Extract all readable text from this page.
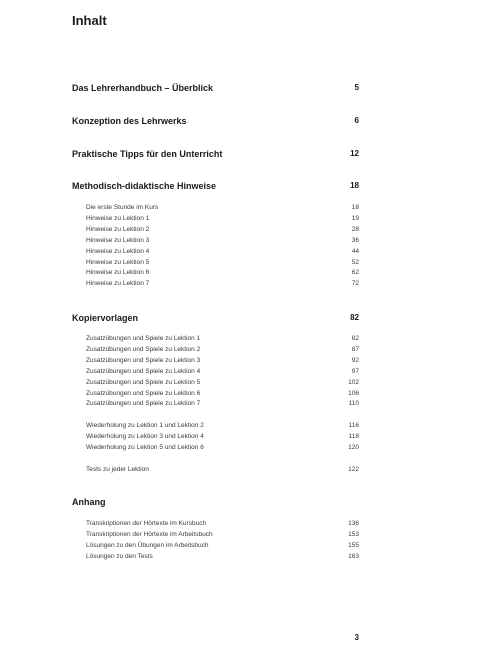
Inhalt
Das Lehrerhandbuch – Überblick	5
Konzeption des Lehrwerks	6
Praktische Tipps für den Unterricht	12
Methodisch-didaktische Hinweise	18
Die erste Stunde im Kurs	18
Hinweise zu Lektion 1	19
Hinweise zu Lektion 2	28
Hinweise zu Lektion 3	36
Hinweise zu Lektion 4	44
Hinweise zu Lektion 5	52
Hinweise zu Lektion 6	62
Hinweise zu Lektion 7	72
Kopiervorlagen	82
Zusatzübungen und Spiele zu Lektion 1	82
Zusatzübungen und Spiele zu Lektion 2	87
Zusatzübungen und Spiele zu Lektion 3	92
Zusatzübungen und Spiele zu Lektion 4	97
Zusatzübungen und Spiele zu Lektion 5	102
Zusatzübungen und Spiele zu Lektion 6	106
Zusatzübungen und Spiele zu Lektion 7	110
Wiederholung zu Lektion 1 und Lektion 2	116
Wiederholung zu Lektion 3 und Lektion 4	118
Wiederholung zu Lektion 5 und Lektion 6	120
Tests zu jeder Lektion	122
Anhang
Transkriptionen der Hörtexte im Kursbuch	136
Transkriptionen der Hörtexte im Arbeitsbuch	153
Lösungen zu den Übungen im Arbeitsbuch	155
Lösungen zu den Tests	163
3
